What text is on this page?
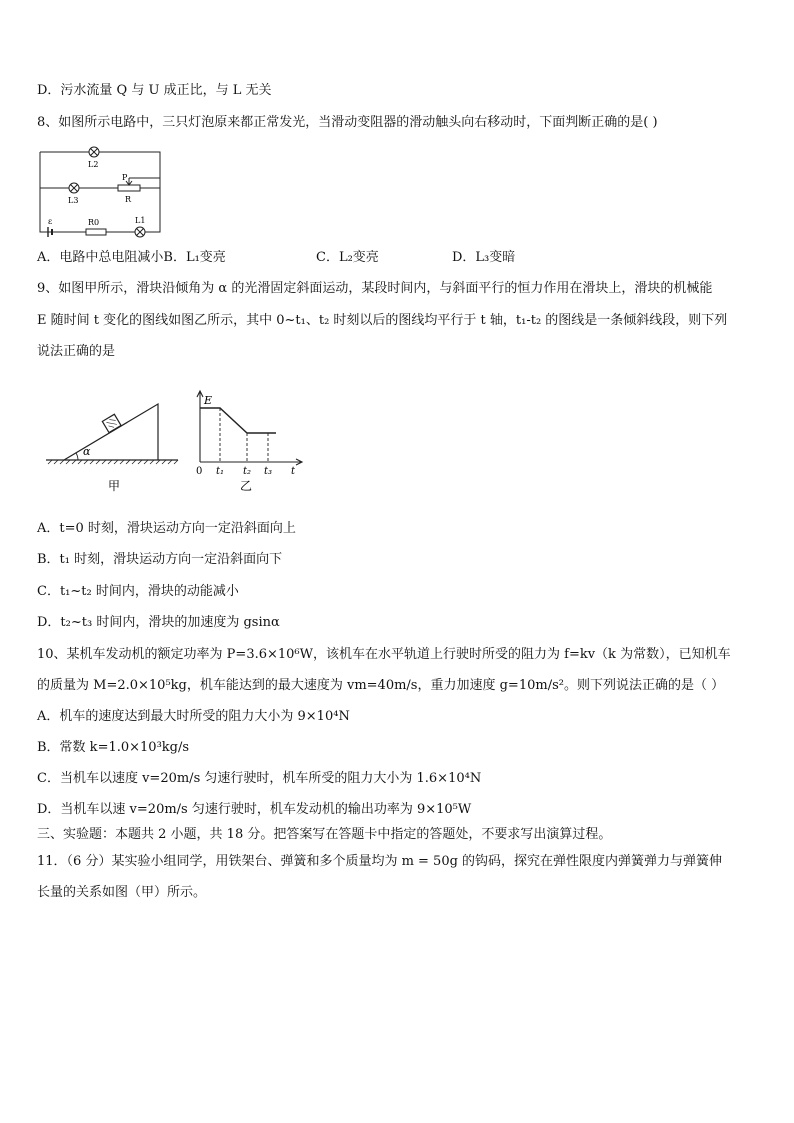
D．污水流量 Q 与 U 成正比，与 L 无关
8、如图所示电路中，三只灯泡原来都正常发光，当滑动变阻器的滑动触头向右移动时，下面判断正确的是( )
L2
L3
P
R
ε	R0	L1
A．电路中总电阻减小B．L₁变亮	C．L₂变亮	D．L₃变暗
9、如图甲所示，滑块沿倾角为 α 的光滑固定斜面运动，某段时间内，与斜面平行的恒力作用在滑块上，滑块的机械能
E 随时间 t 变化的图线如图乙所示，其中 0~t₁、t₂ 时刻以后的图线均平行于 t 轴，t₁-t₂ 的图线是一条倾斜线段，则下列
说法正确的是
α
甲
E
0 t₁ t₂ t₃ t
乙
A．t=0 时刻，滑块运动方向一定沿斜面向上
B．t₁ 时刻，滑块运动方向一定沿斜面向下
C．t₁~t₂ 时间内，滑块的动能减小
D．t₂~t₃ 时间内，滑块的加速度为 gsinα
10、某机车发动机的额定功率为 P=3.6×10⁶W，该机车在水平轨道上行驶时所受的阻力为 f=kv（k 为常数），已知机车
的质量为 M=2.0×10⁵kg，机车能达到的最大速度为 vm=40m/s，重力加速度 g=10m/s²。则下列说法正确的是（ ）
A．机车的速度达到最大时所受的阻力大小为 9×10⁴N
B．常数 k=1.0×10³kg/s
C．当机车以速度 v=20m/s 匀速行驶时，机车所受的阻力大小为 1.6×10⁴N
D．当机车以速 v=20m/s 匀速行驶时，机车发动机的输出功率为 9×10⁵W
三、实验题：本题共 2 小题，共 18 分。把答案写在答题卡中指定的答题处，不要求写出演算过程。
11．（6 分）某实验小组同学，用铁架台、弹簧和多个质量均为 m = 50g 的钩码，探究在弹性限度内弹簧弹力与弹簧伸
长量的关系如图（甲）所示。
